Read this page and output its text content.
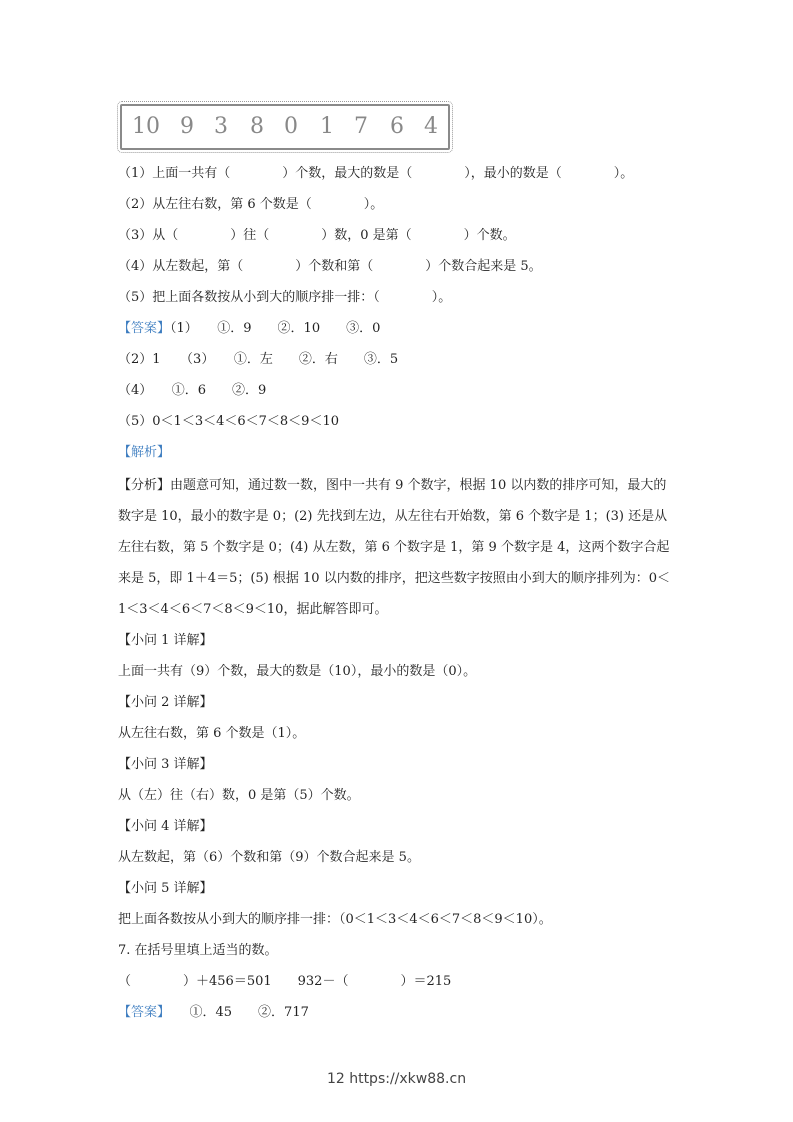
10 9 3 8 0 1 7 6 4
（1）上面一共有（　　　　）个数，最大的数是（　　　　），最小的数是（　　　　）。
（2）从左往右数，第 6 个数是（　　　　）。
（3）从（　　　　）往（　　　　）数，0 是第（　　　　）个数。
（4）从左数起，第（　　　　）个数和第（　　　　）个数合起来是 5。
（5）把上面各数按从小到大的顺序排一排：（　　　　）。
【答案】（1）　　①．9　　②．10　　③．0
（2）1　　（3）　　①．左　　②．右　　③．5
（4）　　①．6　　②．9
（5）0＜1＜3＜4＜6＜7＜8＜9＜10
【解析】
【分析】由题意可知，通过数一数，图中一共有 9 个数字，根据 10 以内数的排序可知，最大的数字是 10，最小的数字是 0；(2) 先找到左边，从左往右开始数，第 6 个数字是 1；(3) 还是从左往右数，第 5 个数字是 0；(4) 从左数，第 6 个数字是 1，第 9 个数字是 4，这两个数字合起来是 5，即 1＋4＝5；(5) 根据 10 以内数的排序，把这些数字按照由小到大的顺序排列为：0＜1＜3＜4＜6＜7＜8＜9＜10，据此解答即可。
【小问 1 详解】
上面一共有（9）个数，最大的数是（10），最小的数是（0）。
【小问 2 详解】
从左往右数，第 6 个数是（1）。
【小问 3 详解】
从（左）往（右）数，0 是第（5）个数。
【小问 4 详解】
从左数起，第（6）个数和第（9）个数合起来是 5。
【小问 5 详解】
把上面各数按从小到大的顺序排一排：（0＜1＜3＜4＜6＜7＜8＜9＜10）。
7. 在括号里填上适当的数。
（　　　　）＋456＝501　　932－（　　　　）＝215
【答案】　　①．45　　②．717
12 https://xkw88.cn
